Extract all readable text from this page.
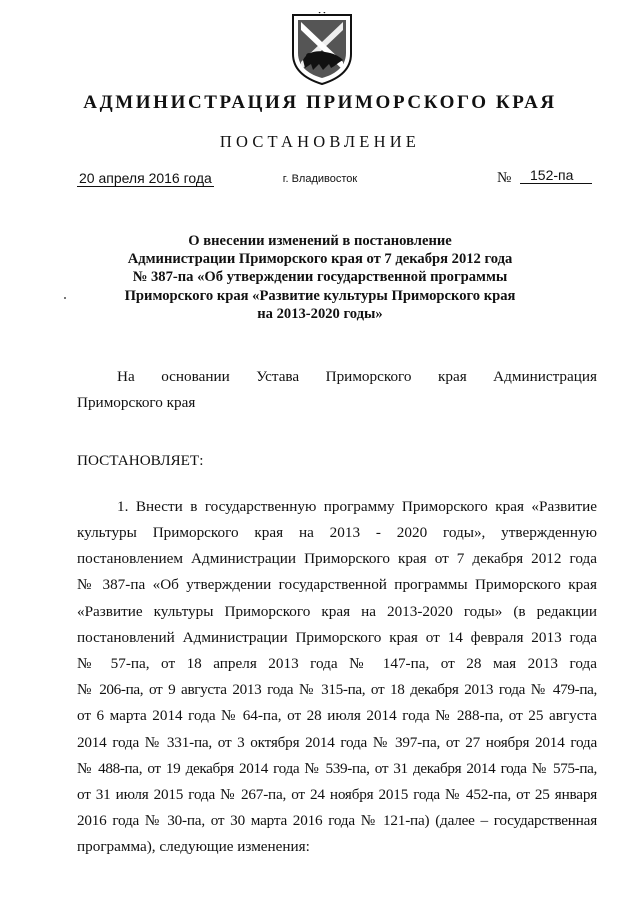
АДМИНИСТРАЦИЯ ПРИМОРСКОГО КРАЯ
ПОСТАНОВЛЕНИЕ
20 апреля 2016 года	г. Владивосток	№	152-па
О внесении изменений в постановление
Администрации Приморского края от 7 декабря 2012 года
№ 387-па «Об утверждении государственной программы
Приморского края «Развитие культуры Приморского края
на 2013-2020 годы»
На основании Устава Приморского края Администрация
Приморского края
ПОСТАНОВЛЯЕТ:
1. Внести в государственную программу Приморского края «Развитие
культуры Приморского края на 2013 - 2020 годы», утвержденную
постановлением Администрации Приморского края от 7 декабря 2012 года
№ 387-па «Об утверждении государственной программы Приморского края
«Развитие культуры Приморского края на 2013-2020 годы» (в редакции
постановлений Администрации Приморского края от 14 февраля 2013 года
№ 57-па, от 18 апреля 2013 года № 147-па, от 28 мая 2013 года
№ 206-па, от 9 августа 2013 года № 315-па, от 18 декабря 2013 года № 479-па,
от 6 марта 2014 года № 64-па, от 28 июля 2014 года № 288-па, от 25 августа
2014 года № 331-па, от 3 октября 2014 года № 397-па, от 27 ноября 2014 года
№ 488-па, от 19 декабря 2014 года № 539-па, от 31 декабря 2014 года № 575-па,
от 31 июля 2015 года № 267-па, от 24 ноября 2015 года № 452-па, от 25 января
2016 года № 30-па, от 30 марта 2016 года № 121-па) (далее – государственная
программа), следующие изменения:
